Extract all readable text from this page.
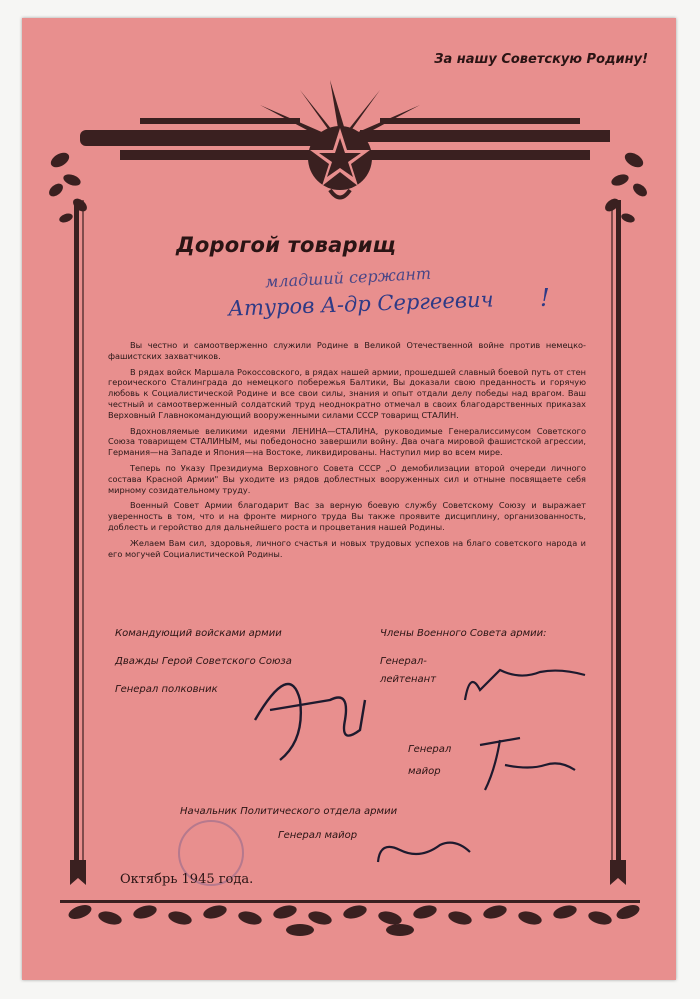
За нашу Советскую Родину!
Дорогой товарищ
младший сержант
Атуров А-др Сергеевич !

Вы честно и самоотверженно служили Родине в Великой Отечественной войне против немецко-фашистских захватчиков.

В рядах войск Маршала Рокоссовского, в рядах нашей армии, прошедшей славный боевой путь от стен героического Сталинграда до немецкого побережья Балтики, Вы доказали свою преданность и горячую любовь к Социалистической Родине и все свои силы, знания и опыт отдали делу победы над врагом. Ваш честный и самоотверженный солдатский труд неоднократно отмечал в своих благодарственных приказах Верховный Главнокомандующий вооруженными силами СССР товарищ СТАЛИН.

Вдохновляемые великими идеями ЛЕНИНА—СТАЛИНА, руководимые Генералиссимусом Советского Союза товарищем СТАЛИНЫМ, мы победоносно завершили войну. Два очага мировой фашистской агрессии, Германия—на Западе и Япония—на Востоке, ликвидированы. Наступил мир во всем мире.

Теперь по Указу Президиума Верховного Совета СССР „О демобилизации второй очереди личного состава Красной Армии" Вы уходите из рядов доблестных вооруженных сил и отныне посвящаете себя мирному созидательному труду.

Военный Совет Армии благодарит Вас за верную боевую службу Советскому Союзу и выражает уверенность в том, что и на фронте мирного труда Вы также проявите дисциплину, организованность, доблесть и геройство для дальнейшего роста и процветания нашей Родины.

Желаем Вам сил, здоровья, личного счастья и новых трудовых успехов на благо советского народа и его могучей Социалистической Родины.

Командующий войсками армии
Дважды Герой Советского Союза
Генерал полковник
Члены Военного Совета армии:
Генерал-
лейтенант
Генерал
майор
Начальник Политического отдела армии
Генерал майор
Октябрь 1945 года.
